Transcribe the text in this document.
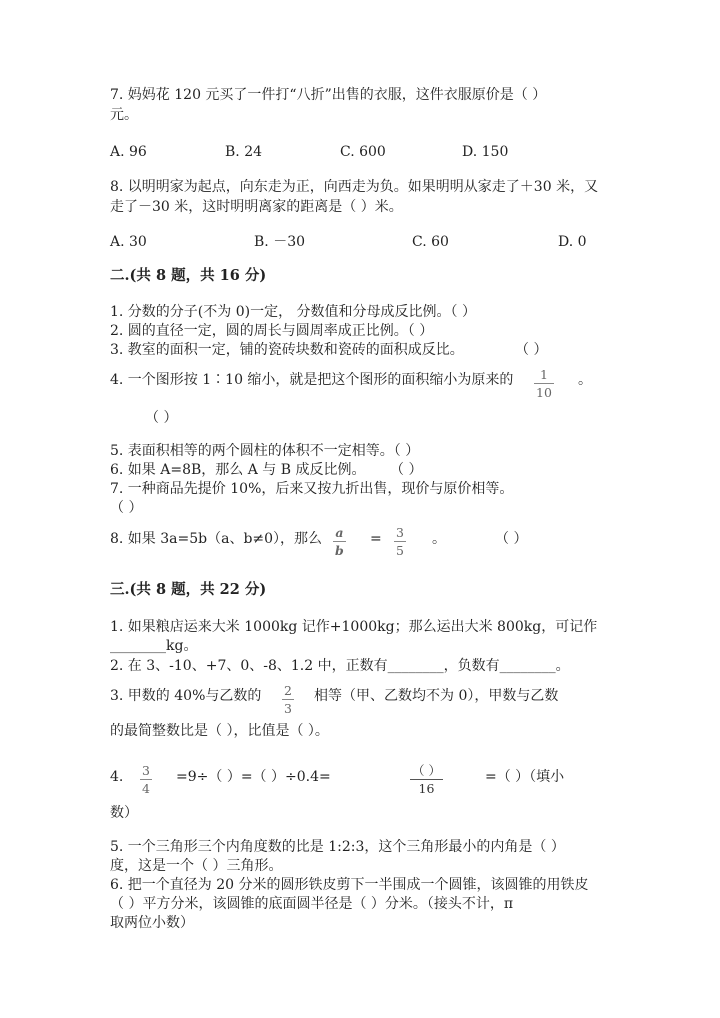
7. 妈妈花 120 元买了一件打“八折”出售的衣服，这件衣服原价是（ ）
元。
A. 96	B. 24	C. 600	D. 150
8. 以明明家为起点，向东走为正，向西走为负。如果明明从家走了＋30 米，又
走了－30 米，这时明明离家的距离是（ ）米。
A. 30	B. －30	C. 60	D. 0
二.(共 8 题，共 16 分)
1. 分数的分子(不为 0)一定， 分数值和分母成反比例。（ ）
2. 圆的直径一定，圆的周长与圆周率成正比例。（ ）
3. 教室的面积一定，铺的瓷砖块数和瓷砖的面积成反比。	（ ）
4. 一个图形按 1∶10 缩小，就是把这个图形的面积缩小为原来的	1
10
。
（ ）
5. 表面积相等的两个圆柱的体积不一定相等。（ ）
6. 如果 A=8B，那么 A 与 B 成反比例。 （ ）
7. 一种商品先提价 10%，后来又按九折出售，现价与原价相等。
（ ）
8. 如果 3a=5b（a、b≠0），那么 a
b
= 3
5
。	（ ）
三.(共 8 题，共 22 分)
1. 如果粮店运来大米 1000kg 记作+1000kg；那么运出大米 800kg，可记作
________kg。
2. 在 3、-10、+7、0、-8、1.2 中，正数有________，负数有________。
3. 甲数的 40%与乙数的 2
3
相等（甲、乙数均不为 0），甲数与乙数
的最简整数比是（ ），比值是（ ）。
4. 3
4
=9÷（ ）=（ ）÷0.4=	（ ）
16
=（ ）（填小
数）
5. 一个三角形三个内角度数的比是 1:2:3，这个三角形最小的内角是（ ）
度，这是一个（ ）三角形。
6. 把一个直径为 20 分米的圆形铁皮剪下一半围成一个圆锥，该圆锥的用铁皮
（ ）平方分米，该圆锥的底面圆半径是（ ）分米。（接头不计，π
取两位小数）
